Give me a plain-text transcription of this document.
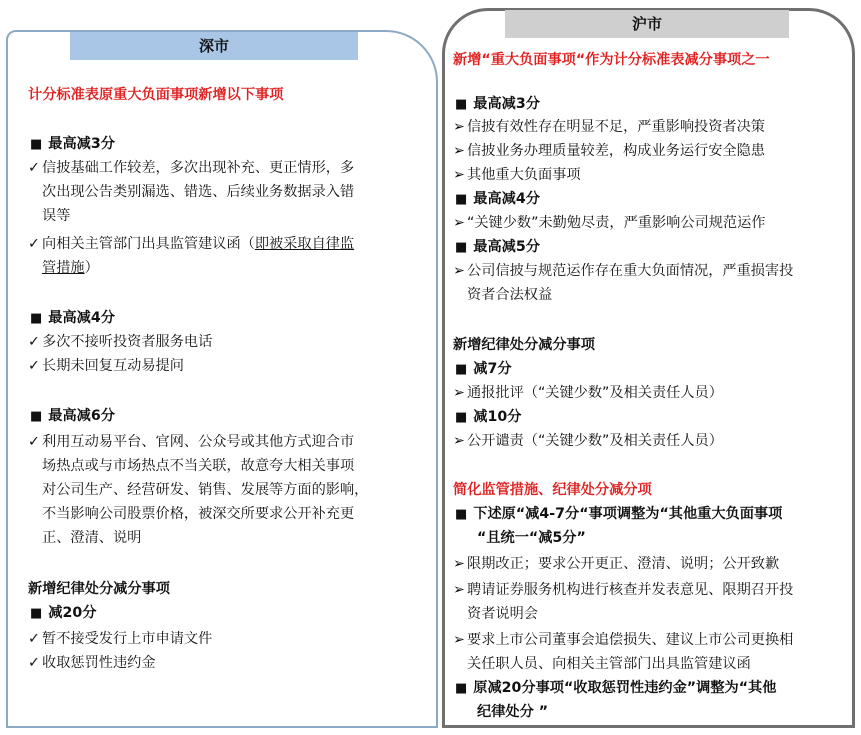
深市
计分标准表原重大负面事项新增以下事项
■ 最高减3分
✓ 信披基础工作较差，多次出现补充、更正情形，多
次出现公告类别漏选、错选、后续业务数据录入错
误等
✓ 向相关主管部门出具监管建议函（即被采取自律监
管措施）
■ 最高减4分
✓ 多次不接听投资者服务电话
✓ 长期未回复互动易提问
■ 最高减6分
✓ 利用互动易平台、官网、公众号或其他方式迎合市
场热点或与市场热点不当关联，故意夸大相关事项
对公司生产、经营研发、销售、发展等方面的影响，
不当影响公司股票价格，被深交所要求公开补充更
正、澄清、说明
新增纪律处分减分事项
■ 减20分
✓ 暂不接受发行上市申请文件
✓ 收取惩罚性违约金
沪市
新增“重大负面事项“作为计分标准表减分事项之一
■ 最高减3分
➢ 信披有效性存在明显不足，严重影响投资者决策
➢ 信披业务办理质量较差，构成业务运行安全隐患
➢ 其他重大负面事项
■ 最高减4分
➢ “关键少数”未勤勉尽责，严重影响公司规范运作
■ 最高减5分
➢ 公司信披与规范运作存在重大负面情况，严重损害投
资者合法权益
新增纪律处分减分事项
■ 减7分
➢ 通报批评（“关键少数”及相关责任人员）
■ 减10分
➢ 公开谴责（“关键少数”及相关责任人员）
简化监管措施、纪律处分减分项
■ 下述原“减4-7分“事项调整为“其他重大负面事项
“且统一“减5分”
➢ 限期改正；要求公开更正、澄清、说明；公开致歉
➢ 聘请证券服务机构进行核查并发表意见、限期召开投
资者说明会
➢ 要求上市公司董事会追偿损失、建议上市公司更换相
关任职人员、向相关主管部门出具监管建议函
■ 原减20分事项“收取惩罚性违约金”调整为“其他
纪律处分 ”
